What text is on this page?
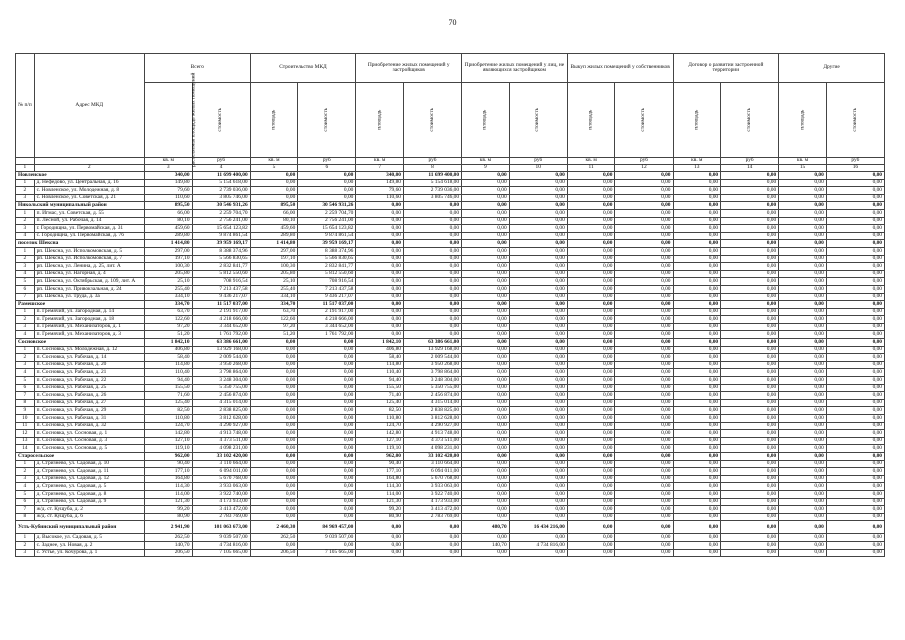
70
№ п/п	Адрес МКД	Всего		Строительство МКД		Приобретение жилых помещений у застройщиков		Приобретение жилых помещений у лиц, не являющихся застройщиком		Выкуп жилых помещений у собственников		Договор о развитии застроенной территории		Другие	
		расселяемая площадь жилых помещений	стоимость	площадь	стоимость	площадь	стоимость	площадь	стоимость	площадь	стоимость	площадь	стоимость	площадь	стоимость
		кв. м	руб	кв. м	руб	кв. м	руб	кв. м	руб	кв. м	руб	кв. м	руб	кв. м	руб
1	2	3	4	5	6	7	8	9	10	11	12	13	14	15	16
Новленское		340,00	11 699 400,00	0,00	0,00	340,00	11 699 400,00	0,00	0,00	0,00	0,00	0,00	0,00	0,00	0,00
1	д. Нефедово, ул. Центральная, д. 16	149,80	5 154 618,00	0,00	0,00	149,80	5 154 618,00	0,00	0,00	0,00	0,00	0,00	0,00	0,00	0,00
2	с. Новленское, ул. Молодежная, д. 8	79,60	2 739 036,00	0,00	0,00	79,60	2 739 036,00	0,00	0,00	0,00	0,00	0,00	0,00	0,00	0,00
3	с. Новленское, ул. Советская, д. 21	110,60	3 805 746,00	0,00	0,00	110,60	3 805 746,00	0,00	0,00	0,00	0,00	0,00	0,00	0,00	0,00
Никольский муниципальный район		895,50	30 546 931,26	895,50	30 546 931,26	0,00	0,00	0,00	0,00	0,00	0,00	0,00	0,00	0,00	0,00
1	п. Игмас, ул. Советская, д. 55	66,00	2 259 704,70	66,00	2 259 704,70	0,00	0,00	0,00	0,00	0,00	0,00	0,00	0,00	0,00	0,00
2	п. Лесной, ул. Рабочая, д. 14	80,10	2 756 241,00	80,10	2 756 241,00	0,00	0,00	0,00	0,00	0,00	0,00	0,00	0,00	0,00	0,00
3	г. Городищна, ул. Первомайская, д. 31	459,60	15 654 123,82	459,60	15 654 123,82	0,00	0,00	0,00	0,00	0,00	0,00	0,00	0,00	0,00	0,00
4	с. Городищна, ул. Первомайская, д. 76	289,80	9 874 861,54	289,80	9 874 861,54	0,00	0,00	0,00	0,00	0,00	0,00	0,00	0,00	0,00	0,00
поселок Шексна		1 414,80	39 959 169,17	1 414,80	39 959 169,17	0,00	0,00	0,00	0,00	0,00	0,00	0,00	0,00	0,00	0,00
1	рп. Шексна, ул. Исполкомовская, д. 5	297,00	8 388 374,96	297,00	8 388 374,96	0,00	0,00	0,00	0,00	0,00	0,00	0,00	0,00	0,00	0,00
2	рп. Шексна, ул. Исполкомовская, д. 7	197,10	5 566 830,65	197,10	5 566 830,65	0,00	0,00	0,00	0,00	0,00	0,00	0,00	0,00	0,00	0,00
3	рп. Шексна, ул. Ленина, д. 25, лит. А	100,30	2 832 841,77	100,30	2 832 841,77	0,00	0,00	0,00	0,00	0,00	0,00	0,00	0,00	0,00	0,00
4	рп. Шексна, ул. Нагорная, д. 4	205,80	5 812 550,60	205,80	5 812 550,60	0,00	0,00	0,00	0,00	0,00	0,00	0,00	0,00	0,00	0,00
5	рп. Шексна, ул. Октябрьская, д. 109, лит. А	25,10	708 916,54	25,10	708 916,54	0,00	0,00	0,00	0,00	0,00	0,00	0,00	0,00	0,00	0,00
6	рп. Шексна, ул. Привокзальная, д. 24	255,40	7 213 437,58	255,40	7 213 437,58	0,00	0,00	0,00	0,00	0,00	0,00	0,00	0,00	0,00	0,00
7	рп. Шексна, ул. Труда, д. 3а	334,10	9 436 217,07	334,10	9 436 217,07	0,00	0,00	0,00	0,00	0,00	0,00	0,00	0,00	0,00	0,00
Рамешское		334,70	11 517 037,00	334,70	11 517 037,00	0,00	0,00	0,00	0,00	0,00	0,00	0,00	0,00	0,00	0,00
1	п. Гремячий, ул. Загородная, д. 14	63,70	2 191 917,00	63,70	2 191 917,00	0,00	0,00	0,00	0,00	0,00	0,00	0,00	0,00	0,00	0,00
2	п. Гремячий, ул. Загородная, д. 18	122,60	4 218 666,00	122,60	4 218 666,00	0,00	0,00	0,00	0,00	0,00	0,00	0,00	0,00	0,00	0,00
3	п. Гремячий, ул. Механизаторов, д. 1	97,20	3 344 652,00	97,20	3 344 652,00	0,00	0,00	0,00	0,00	0,00	0,00	0,00	0,00	0,00	0,00
4	п. Гремячий, ул. Механизаторов, д. 3	51,20	1 761 792,00	51,20	1 761 792,00	0,00	0,00	0,00	0,00	0,00	0,00	0,00	0,00	0,00	0,00
Сосновское		1 842,10	63 386 661,00	0,00	0,00	1 842,10	63 386 661,00	0,00	0,00	0,00	0,00	0,00	0,00	0,00	0,00
1	п. Сосновка, ул. Молодежная, д. 12	406,80	13 929 168,00	0,00	0,00	406,80	13 929 168,00	0,00	0,00	0,00	0,00	0,00	0,00	0,00	0,00
2	п. Сосновка, ул. Рабочая, д. 14	58,40	2 009 544,00	0,00	0,00	58,40	2 009 544,00	0,00	0,00	0,00	0,00	0,00	0,00	0,00	0,00
3	п. Сосновка, ул. Рабочая, д. 20	114,80	3 950 268,00	0,00	0,00	114,80	3 950 268,00	0,00	0,00	0,00	0,00	0,00	0,00	0,00	0,00
4	п. Сосновка, ул. Рабочая, д. 21	110,40	3 798 864,00	0,00	0,00	110,40	3 798 864,00	0,00	0,00	0,00	0,00	0,00	0,00	0,00	0,00
5	п. Сосновка, ул. Рабочая, д. 22	94,40	3 248 304,00	0,00	0,00	94,40	3 248 304,00	0,00	0,00	0,00	0,00	0,00	0,00	0,00	0,00
6	п. Сосновка, ул. Рабочая, д. 25	155,50	5 350 755,00	0,00	0,00	155,50	5 350 755,00	0,00	0,00	0,00	0,00	0,00	0,00	0,00	0,00
7	п. Сосновка, ул. Рабочая, д. 26	71,60	2 456 874,00	0,00	0,00	71,40	2 456 874,00	0,00	0,00	0,00	0,00	0,00	0,00	0,00	0,00
8	п. Сосновка, ул. Рабочая, д. 27	125,40	4 315 014,00	0,00	0,00	125,40	4 315 014,00	0,00	0,00	0,00	0,00	0,00	0,00	0,00	0,00
9	п. Сосновка, ул. Рабочая, д. 29	82,50	2 838 825,00	0,00	0,00	82,50	2 838 825,00	0,00	0,00	0,00	0,00	0,00	0,00	0,00	0,00
10	п. Сосновка, ул. Рабочая, д. 31	110,80	3 812 628,00	0,00	0,00	110,80	3 812 628,00	0,00	0,00	0,00	0,00	0,00	0,00	0,00	0,00
11	п. Сосновка, ул. Рабочая, д. 32	124,70	4 290 927,00	0,00	0,00	124,70	4 290 927,00	0,00	0,00	0,00	0,00	0,00	0,00	0,00	0,00
12	п. Сосновка, ул. Сосновая, д. 1	142,80	4 913 748,00	0,00	0,00	142,80	4 913 748,00	0,00	0,00	0,00	0,00	0,00	0,00	0,00	0,00
13	п. Сосновка, ул. Сосновая, д. 3	127,10	4 373 511,00	0,00	0,00	127,10	4 373 511,00	0,00	0,00	0,00	0,00	0,00	0,00	0,00	0,00
14	п. Сосновка, ул. Сосновая, д. 5	119,10	4 098 231,00	0,00	0,00	119,10	4 098 231,00	0,00	0,00	0,00	0,00	0,00	0,00	0,00	0,00
Старосельское		962,00	33 102 420,00	0,00	0,00	962,00	33 102 420,00	0,00	0,00	0,00	0,00	0,00	0,00	0,00	0,00
1	д. Стризнево, ул. Садовая, д. 10	90,40	3 110 664,00	0,00	0,00	90,40	3 110 664,00	0,00	0,00	0,00	0,00	0,00	0,00	0,00	0,00
2	д. Стризнево, ул. Садовая, д. 11	177,10	6 094 011,00	0,00	0,00	177,10	6 094 011,00	0,00	0,00	0,00	0,00	0,00	0,00	0,00	0,00
3	д. Стризнево, ул. Садовая, д. 12	164,80	5 670 768,00	0,00	0,00	164,80	5 670 768,00	0,00	0,00	0,00	0,00	0,00	0,00	0,00	0,00
4	д. Стризнево, ул. Садовая, д. 5	114,30	3 933 063,00	0,00	0,00	114,30	3 933 063,00	0,00	0,00	0,00	0,00	0,00	0,00	0,00	0,00
5	д. Стризнево, ул. Садовая, д. 8	114,00	3 922 740,00	0,00	0,00	114,00	3 922 740,00	0,00	0,00	0,00	0,00	0,00	0,00	0,00	0,00
6	д. Стризнево, ул. Садовая, д. 9	121,30	4 173 933,00	0,00	0,00	121,30	4 173 933,00	0,00	0,00	0,00	0,00	0,00	0,00	0,00	0,00
7	ж/д. ст. Кущуба, д. 2	99,20	3 413 472,00	0,00	0,00	99,20	3 413 472,00	0,00	0,00	0,00	0,00	0,00	0,00	0,00	0,00
8	ж/д. ст. Кущуба, д. 6	80,90	2 783 769,00	0,00	0,00	80,90	2 783 769,00	0,00	0,00	0,00	0,00	0,00	0,00	0,00	0,00
Усть-Кубинский муниципальный район		2 941,90	101 063 673,00	2 460,30	84 969 457,00	0,00	0,00	480,70	16 434 216,00	0,00	0,00	0,00	0,00	0,00	0,00
1	д. Высокое, ул. Садовая, д. 5	262,50	9 039 507,00	262,50	9 039 507,00	0,00	0,00	0,00	0,00	0,00	0,00	0,00	0,00	0,00	0,00
2	с. Заднее, ул. Новая, д. 2	140,70	4 734 816,00	0,00	0,00	0,00	0,00	140,70	4 734 816,00	0,00	0,00	0,00	0,00	0,00	0,00
3	с. Устье, ул. Кочурова, д. 1	206,50	7 105 665,00	206,50	7 105 665,00	0,00	0,00	0,00	0,00	0,00	0,00	0,00	0,00	0,00	0,00
